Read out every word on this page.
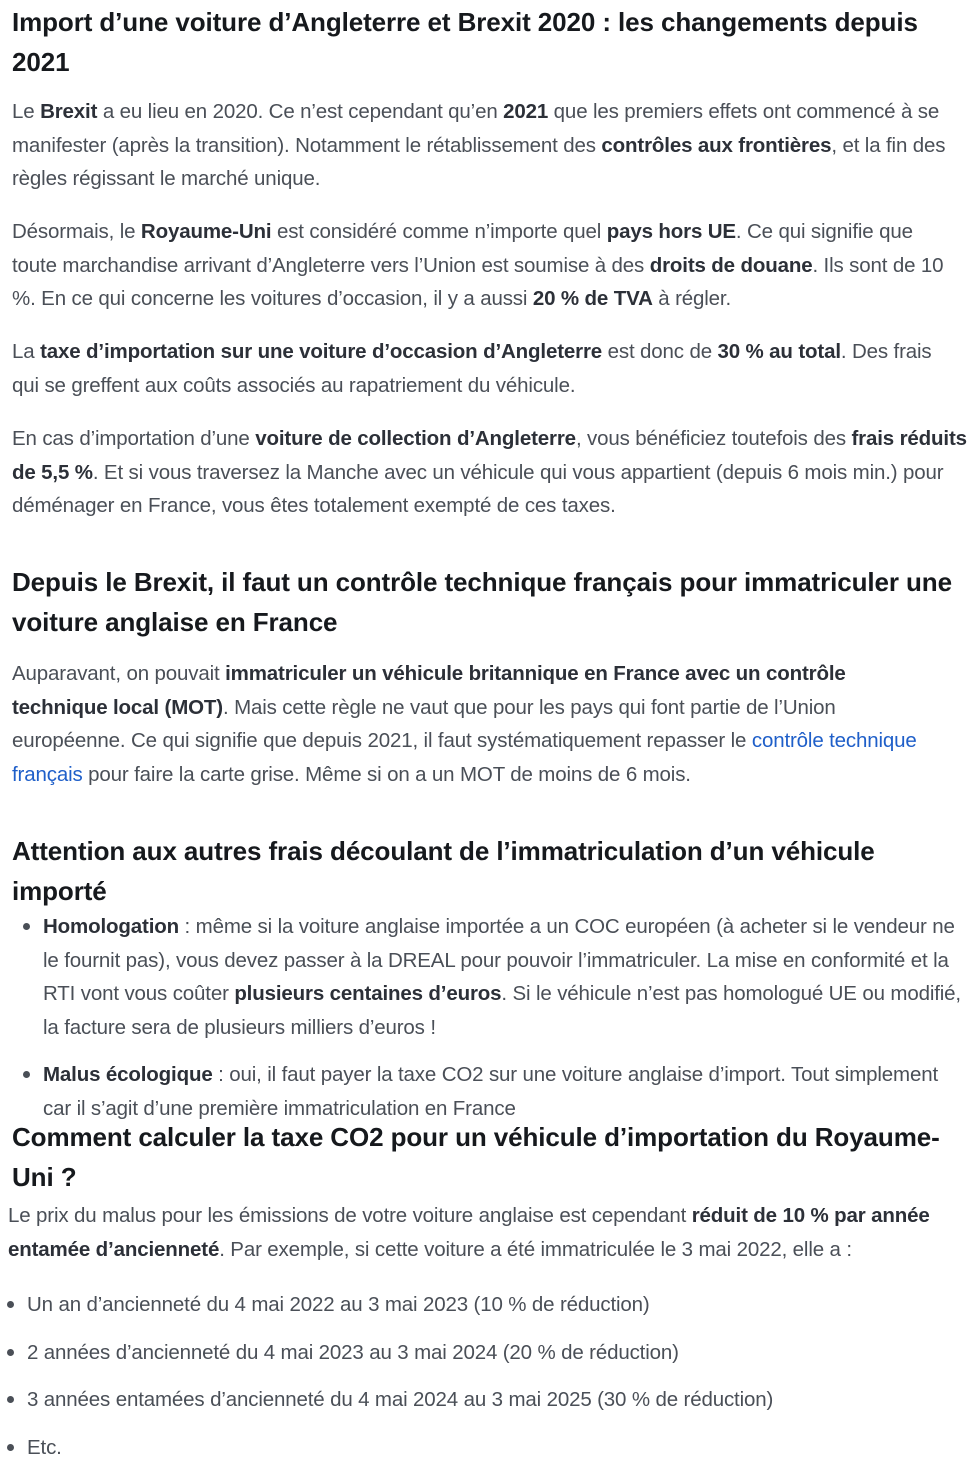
Import d’une voiture d’Angleterre et Brexit 2020 : les changements depuis 2021

Le Brexit a eu lieu en 2020. Ce n’est cependant qu’en 2021 que les premiers effets ont commencé à se manifester (après la transition). Notamment le rétablissement des contrôles aux frontières, et la fin des règles régissant le marché unique.

Désormais, le Royaume-Uni est considéré comme n’importe quel pays hors UE. Ce qui signifie que toute marchandise arrivant d’Angleterre vers l’Union est soumise à des droits de douane. Ils sont de 10 %. En ce qui concerne les voitures d’occasion, il y a aussi 20 % de TVA à régler.

La taxe d’importation sur une voiture d’occasion d’Angleterre est donc de 30 % au total. Des frais qui se greffent aux coûts associés au rapatriement du véhicule.

En cas d’importation d’une voiture de collection d’Angleterre, vous bénéficiez toutefois des frais réduits de 5,5 %. Et si vous traversez la Manche avec un véhicule qui vous appartient (depuis 6 mois min.) pour déménager en France, vous êtes totalement exempté de ces taxes.

Depuis le Brexit, il faut un contrôle technique français pour immatriculer une voiture anglaise en France

Auparavant, on pouvait immatriculer un véhicule britannique en France avec un contrôle technique local (MOT). Mais cette règle ne vaut que pour les pays qui font partie de l’Union européenne. Ce qui signifie que depuis 2021, il faut systématiquement repasser le contrôle technique français pour faire la carte grise. Même si on a un MOT de moins de 6 mois.

Attention aux autres frais découlant de l’immatriculation d’un véhicule importé
Homologation : même si la voiture anglaise importée a un COC européen (à acheter si le vendeur ne le fournit pas), vous devez passer à la DREAL pour pouvoir l’immatriculer. La mise en conformité et la RTI vont vous coûter plusieurs centaines d’euros. Si le véhicule n’est pas homologué UE ou modifié, la facture sera de plusieurs milliers d’euros !
Malus écologique : oui, il faut payer la taxe CO2 sur une voiture anglaise d’import. Tout simplement car il s’agit d’une première immatriculation en France
Comment calculer la taxe CO2 pour un véhicule d’importation du Royaume-Uni ?

Le prix du malus pour les émissions de votre voiture anglaise est cependant réduit de 10 % par année entamée d’ancienneté. Par exemple, si cette voiture a été immatriculée le 3 mai 2022, elle a :

Un an d’ancienneté du 4 mai 2022 au 3 mai 2023 (10 % de réduction)
2 années d’ancienneté du 4 mai 2023 au 3 mai 2024 (20 % de réduction)
3 années entamées d’ancienneté du 4 mai 2024 au 3 mai 2025 (30 % de réduction)
Etc.
